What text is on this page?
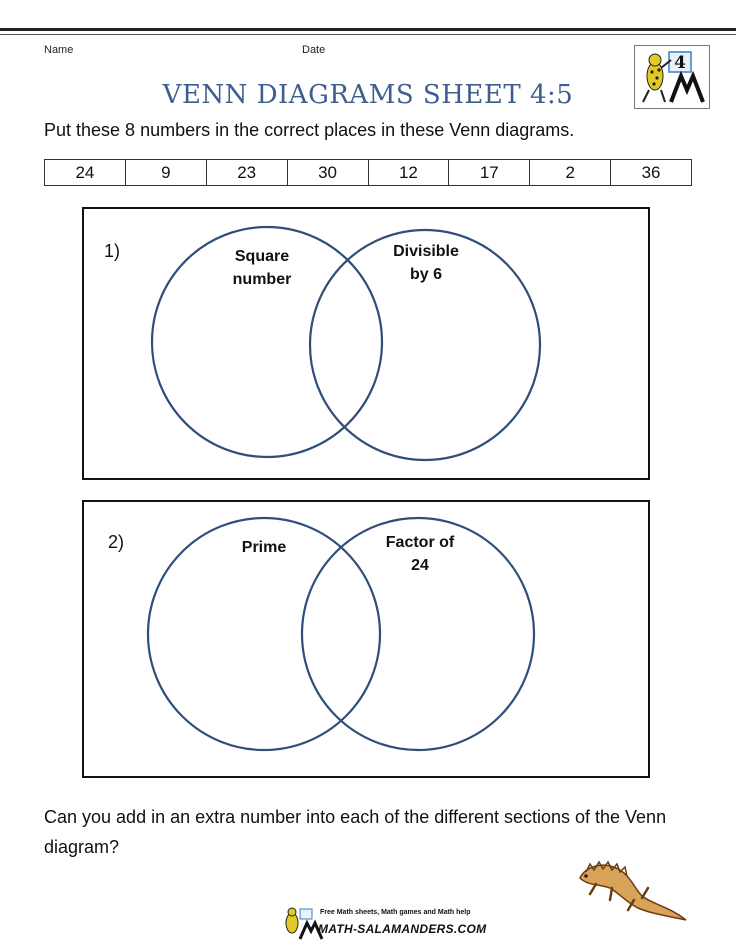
Name	Date
4
VENN DIAGRAMS SHEET 4:5
Put these 8 numbers in the correct places in these Venn diagrams.
24	9	23	30	12	17	2	36
1)	Square
number
Divisible
by 6
2)	Prime	Factor of
24
Can you add in an extra number into each of the different sections of the Venn diagram?
Free Math sheets, Math games and Math help
MATH-SALAMANDERS.COM
